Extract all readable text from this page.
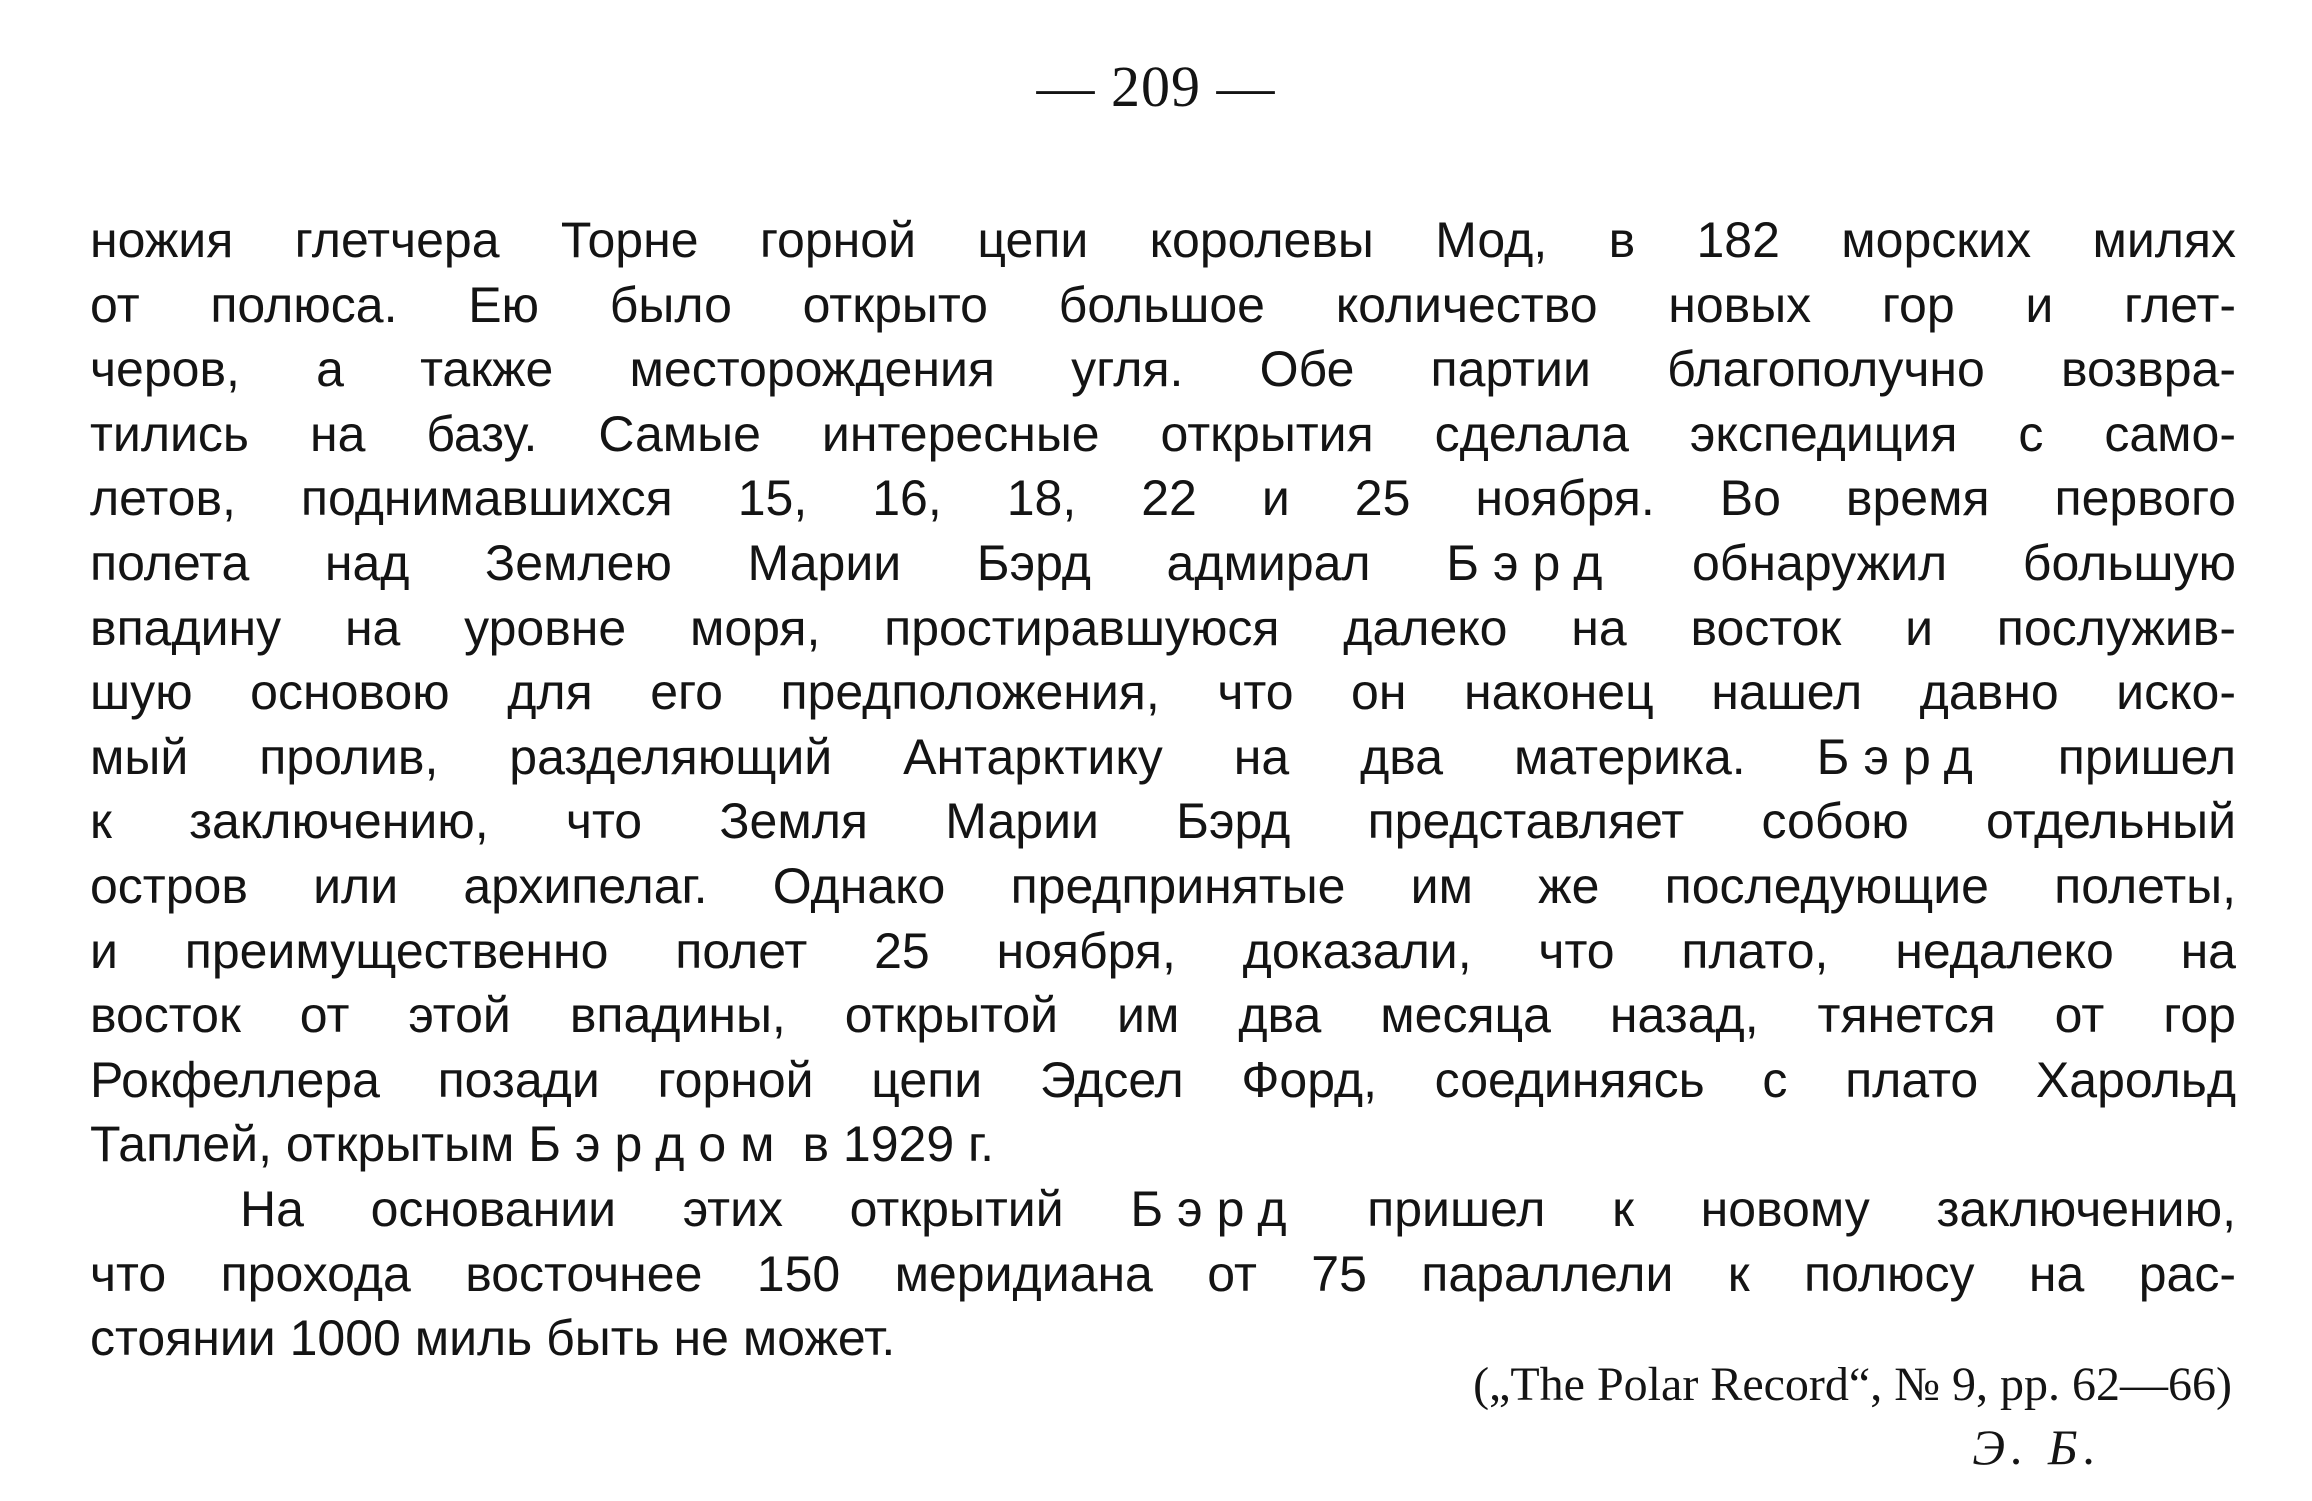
— 209 —
ножия глетчера Торне горной цепи королевы Мод, в 182 морских милях
от полюса. Ею было открыто большое количество новых гор и глет-
черов, а также месторождения угля. Обе партии благополучно возвра-
тились на базу. Самые интересные открытия сделала экспедиция с само-
летов, поднимавшихся 15, 16, 18, 22 и 25 ноября. Во время первого
полета над Землею Марии Бэрд адмирал Бэрд обнаружил большую
впадину на уровне моря, простиравшуюся далеко на восток и послужив-
шую основою для его предположения, что он наконец нашел давно иско-
мый пролив, разделяющий Антарктику на два материка. Бэрд пришел
к заключению, что Земля Марии Бэрд представляет собою отдельный
остров или архипелаг. Однако предпринятые им же последующие полеты,
и преимущественно полет 25 ноября, доказали, что плато, недалеко на
восток от этой впадины, открытой им два месяца назад, тянется от гор
Рокфеллера позади горной цепи Эдсел Форд, соединяясь с плато Харольд
Таплей, открытым Бэрдом в 1929 г.
На основании этих открытий Бэрд пришел к новому заключению,
что прохода восточнее 150 меридиана от 75 параллели к полюсу на рас-
стоянии 1000 миль быть не может.
(„The Polar Record“, № 9, pp. 62—66)
Э. Б.
